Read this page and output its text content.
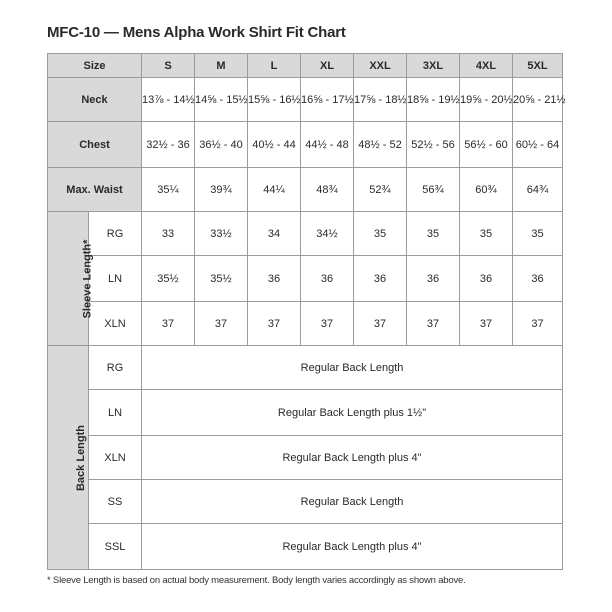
MFC-10 — Mens Alpha Work Shirt Fit Chart
Size		S	M	L	XL	XXL	3XL	4XL	5XL
Neck		13⅞ - 14½	14⅝ - 15½	15⅝ - 16½	16⅝ - 17½	17⅝ - 18½	18⅝ - 19½	19⅝ - 20½	20⅝ - 21½
Chest		32½ - 36	36½ - 40	40½ - 44	44½ - 48	48½ - 52	52½ - 56	56½ - 60	60½ - 64
Max. Waist		35¼	39¾	44¼	48¾	52¾	56¾	60¾	64¾
Sleeve Length*	RG	33	33½	34	34½	35	35	35	35
	LN	35½	35½	36	36	36	36	36	36
	XLN	37	37	37	37	37	37	37	37
Back Length	RG	Regular Back Length							
	LN	Regular Back Length plus 1½"							
	XLN	Regular Back Length plus 4"							
	SS	Regular Back Length							
	SSL	Regular Back Length plus 4"							
* Sleeve Length is based on actual body measurement. Body length varies accordingly as shown above.
